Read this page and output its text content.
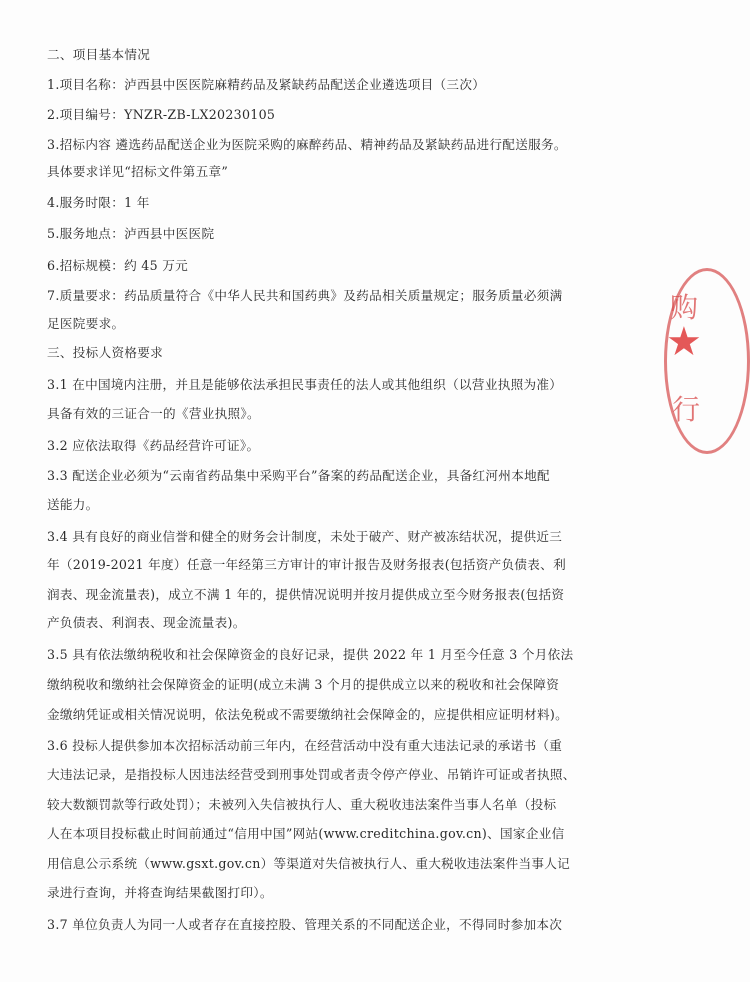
二、项目基本情况
1.项目名称：泸西县中医医院麻精药品及紧缺药品配送企业遴选项目（三次）
2.项目编号：YNZR-ZB-LX20230105
3.招标内容 遴选药品配送企业为医院采购的麻醉药品、精神药品及紧缺药品进行配送服务。
具体要求详见“招标文件第五章”
4.服务时限：1 年
5.服务地点：泸西县中医医院
6.招标规模：约 45 万元
7.质量要求：药品质量符合《中华人民共和国药典》及药品相关质量规定；服务质量必须满
足医院要求。
三、投标人资格要求
3.1 在中国境内注册，并且是能够依法承担民事责任的法人或其他组织（以营业执照为准）
具备有效的三证合一的《营业执照》。
3.2 应依法取得《药品经营许可证》。
3.3 配送企业必须为“云南省药品集中采购平台”备案的药品配送企业，具备红河州本地配
送能力。
3.4 具有良好的商业信誉和健全的财务会计制度，未处于破产、财产被冻结状况，提供近三
年（2019-2021 年度）任意一年经第三方审计的审计报告及财务报表(包括资产负债表、利
润表、现金流量表)，成立不满 1 年的，提供情况说明并按月提供成立至今财务报表(包括资
产负债表、利润表、现金流量表)。
3.5 具有依法缴纳税收和社会保障资金的良好记录，提供 2022 年 1 月至今任意 3 个月依法
缴纳税收和缴纳社会保障资金的证明(成立未满 3 个月的提供成立以来的税收和社会保障资
金缴纳凭证或相关情况说明，依法免税或不需要缴纳社会保障金的，应提供相应证明材料)。
3.6 投标人提供参加本次招标活动前三年内，在经营活动中没有重大违法记录的承诺书（重
大违法记录，是指投标人因违法经营受到刑事处罚或者责令停产停业、吊销许可证或者执照、
较大数额罚款等行政处罚）；未被列入失信被执行人、重大税收违法案件当事人名单（投标
人在本项目投标截止时间前通过“信用中国”网站(www.creditchina.gov.cn)、国家企业信
用信息公示系统（www.gsxt.gov.cn）等渠道对失信被执行人、重大税收违法案件当事人记
录进行查询，并将查询结果截图打印）。
3.7 单位负责人为同一人或者存在直接控股、管理关系的不同配送企业，不得同时参加本次
购
★
行
